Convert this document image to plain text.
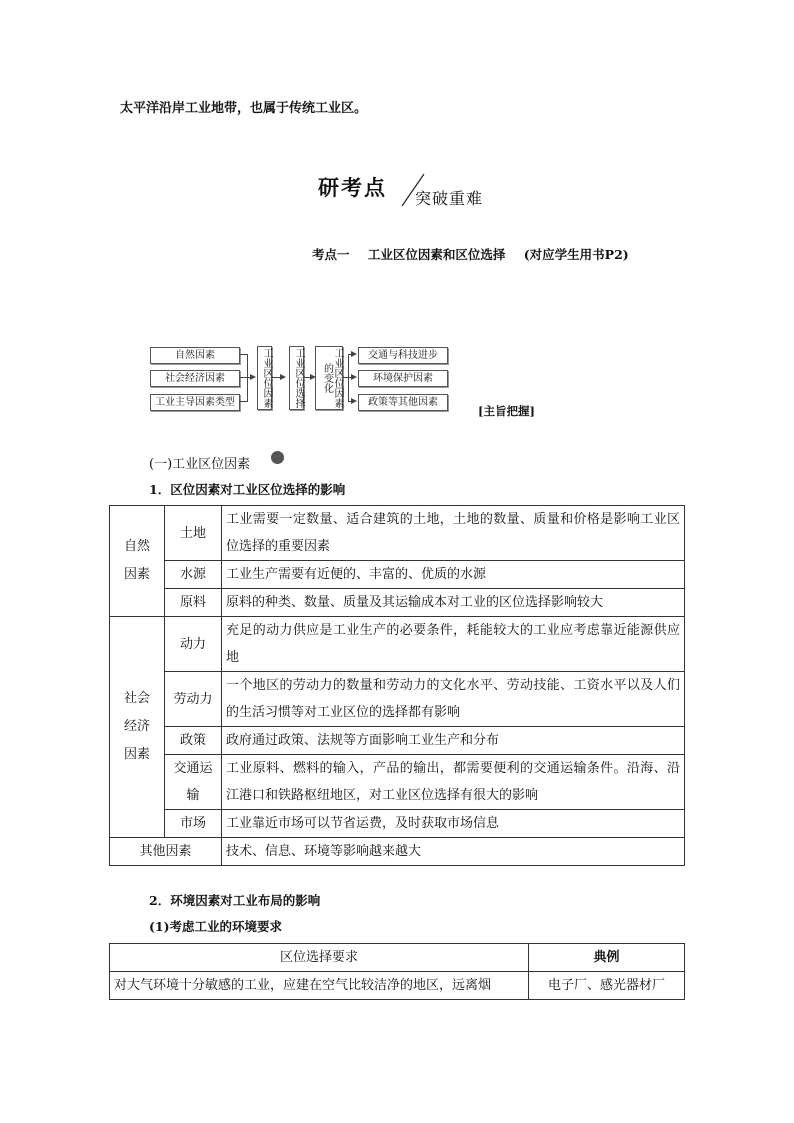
太平洋沿岸工业地带，也属于传统工业区。
研考点 突破重难
考点一 工业区位因素和区位选择 (对应学生用书P2)
自然因素
社会经济因素
工业主导因素类型	工业区位因素	工业区位选择	工业区位因素的变化
交通与科技进步
环境保护因素
政策等其他因素
[主旨把握]
(一)工业区位因素
1．区位因素对工业区位选择的影响
自然因素	土地	工业需要一定数量、适合建筑的土地，土地的数量、质量和价格是影响工业区位选择的重要因素
	水源	工业生产需要有近便的、丰富的、优质的水源
	原料	原料的种类、数量、质量及其运输成本对工业的区位选择影响较大
社会经济因素	动力	充足的动力供应是工业生产的必要条件，耗能较大的工业应考虑靠近能源供应地
	劳动力	一个地区的劳动力的数量和劳动力的文化水平、劳动技能、工资水平以及人们的生活习惯等对工业区位的选择都有影响
	政策	政府通过政策、法规等方面影响工业生产和分布
	交通运输	工业原料、燃料的输入，产品的输出，都需要便利的交通运输条件。沿海、沿江港口和铁路枢纽地区，对工业区位选择有很大的影响
	市场	工业靠近市场可以节省运费，及时获取市场信息
其他因素		技术、信息、环境等影响越来越大
2．环境因素对工业布局的影响
(1)考虑工业的环境要求
区位选择要求	典例
对大气环境十分敏感的工业，应建在空气比较洁净的地区，远离烟	电子厂、感光器材厂
